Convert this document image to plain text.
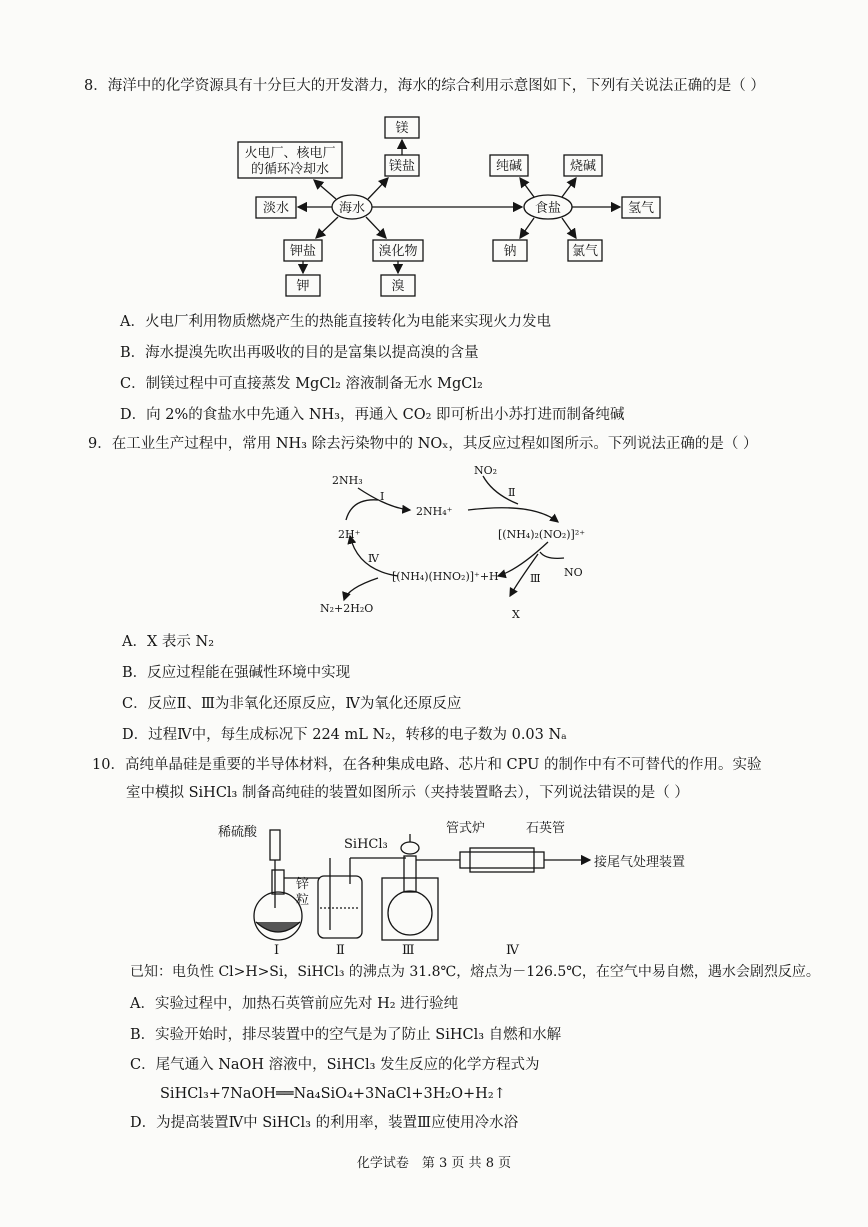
8．海洋中的化学资源具有十分巨大的开发潜力，海水的综合利用示意图如下，下列有关说法正确的是（ ）
镁
火电厂、核电厂
的循环冷却水	镁盐	纯碱	烧碱
淡水	海水	食盐	氢气
钾盐	溴化物	钠	氯气
钾	溴
A．火电厂利用物质燃烧产生的热能直接转化为电能来实现火力发电
B．海水提溴先吹出再吸收的目的是富集以提高溴的含量
C．制镁过程中可直接蒸发 MgCl₂ 溶液制备无水 MgCl₂
D．向 2%的食盐水中先通入 NH₃，再通入 CO₂ 即可析出小苏打进而制备纯碱
9．在工业生产过程中，常用 NH₃ 除去污染物中的 NOₓ，其反应过程如图所示。下列说法正确的是（ ）
2NH₃
Ⅰ
2NH₄⁺
NO₂
Ⅱ
[(NH₄)₂(NO₂)]²⁺
2H⁺
Ⅳ
[(NH₄)(HNO₂)]⁺+H⁺	NO
Ⅲ
X
N₂+2H₂O
A．X 表示 N₂
B．反应过程能在强碱性环境中实现
C．反应Ⅱ、Ⅲ为非氧化还原反应，Ⅳ为氧化还原反应
D．过程Ⅳ中，每生成标况下 224 mL N₂，转移的电子数为 0.03 Nₐ
10．高纯单晶硅是重要的半导体材料，在各种集成电路、芯片和 CPU 的制作中有不可替代的作用。实验
室中模拟 SiHCl₃ 制备高纯硅的装置如图所示（夹持装置略去），下列说法错误的是（ ）
稀硫酸
锌
粒
SiHCl₃
管式炉	石英管
接尾气处理装置
Ⅰ	Ⅱ	Ⅲ	Ⅳ
已知：电负性 Cl>H>Si，SiHCl₃ 的沸点为 31.8℃，熔点为－126.5℃，在空气中易自燃，遇水会剧烈反应。
A．实验过程中，加热石英管前应先对 H₂ 进行验纯
B．实验开始时，排尽装置中的空气是为了防止 SiHCl₃ 自燃和水解
C．尾气通入 NaOH 溶液中，SiHCl₃ 发生反应的化学方程式为
SiHCl₃+7NaOH══Na₄SiO₄+3NaCl+3H₂O+H₂↑
D．为提高装置Ⅳ中 SiHCl₃ 的利用率，装置Ⅲ应使用冷水浴
化学试卷　第 3 页 共 8 页
